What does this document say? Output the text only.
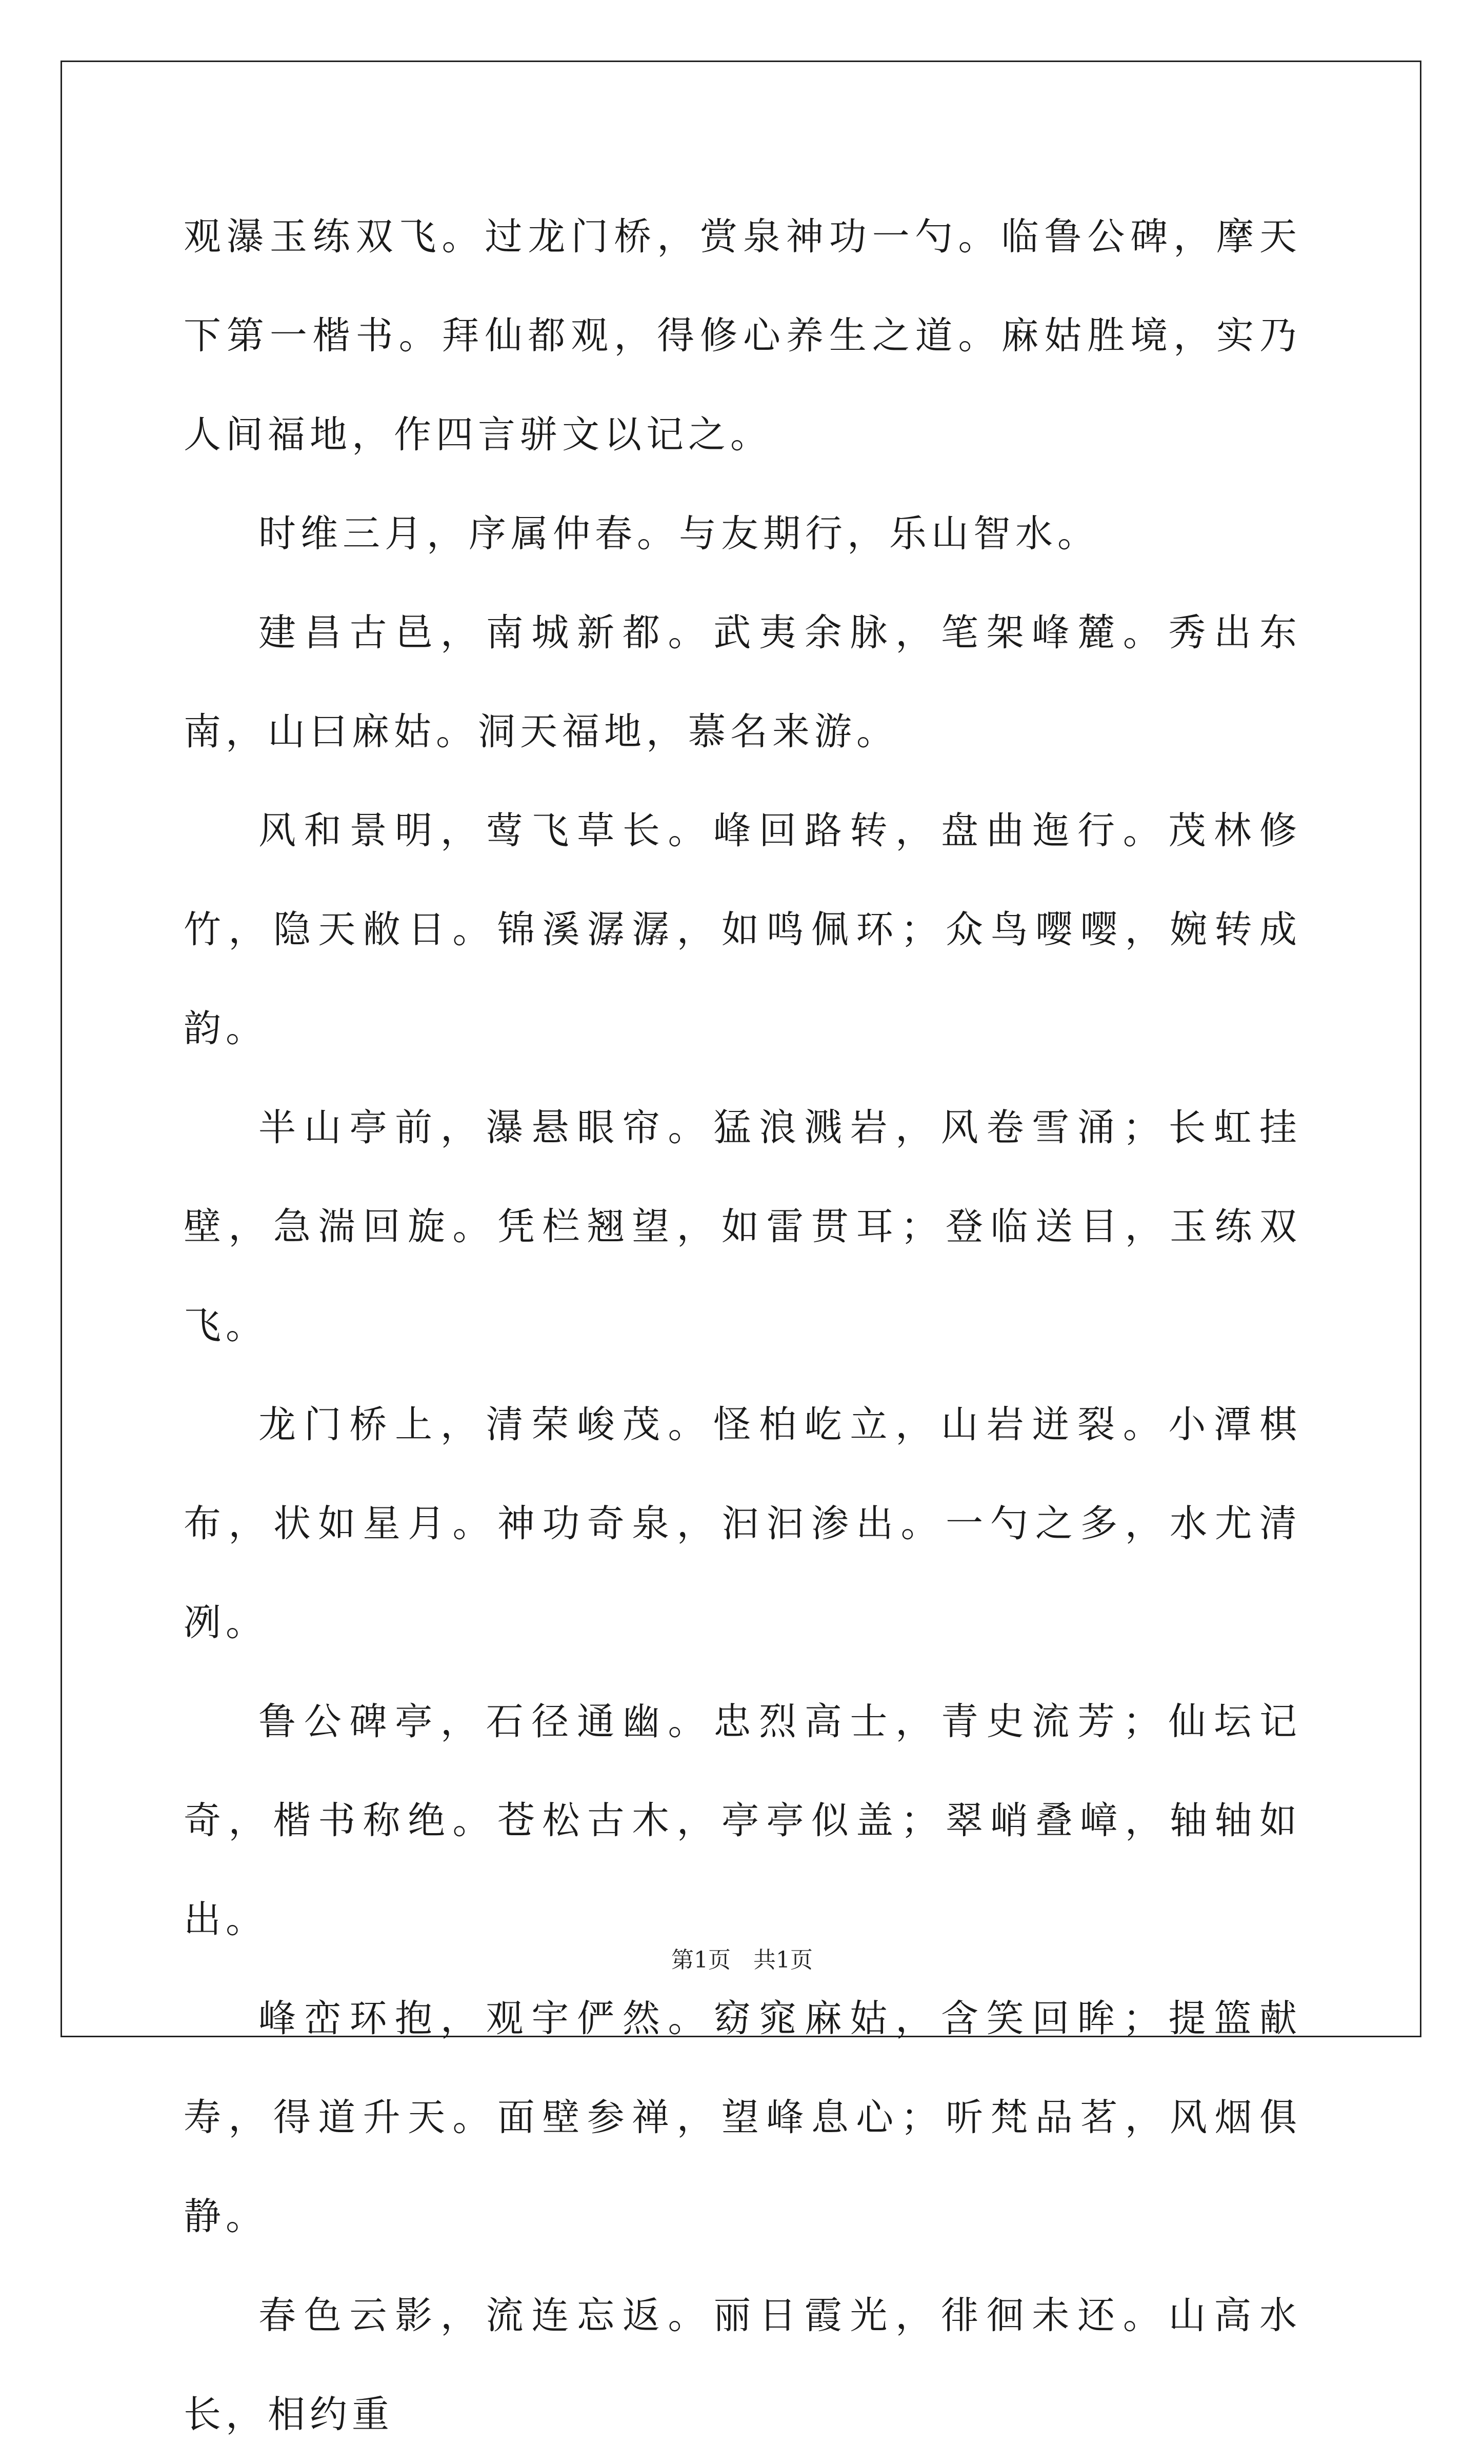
观瀑玉练双飞。过龙门桥，赏泉神功一勺。临鲁公碑，摩天下第一楷书。拜仙都观，得修心养生之道。麻姑胜境，实乃人间福地，作四言骈文以记之。

时维三月，序属仲春。与友期行，乐山智水。

建昌古邑，南城新都。武夷余脉，笔架峰麓。秀出东南，山曰麻姑。洞天福地，慕名来游。

风和景明，莺飞草长。峰回路转，盘曲迤行。茂林修竹，隐天敝日。锦溪潺潺，如鸣佩环；众鸟嘤嘤，婉转成韵。

半山亭前，瀑悬眼帘。猛浪溅岩，风卷雪涌；长虹挂壁，急湍回旋。凭栏翘望，如雷贯耳；登临送目，玉练双飞。

龙门桥上，清荣峻茂。怪柏屹立，山岩迸裂。小潭棋布，状如星月。神功奇泉，汩汩渗出。一勺之多，水尤清冽。

鲁公碑亭，石径通幽。忠烈高士，青史流芳；仙坛记奇，楷书称绝。苍松古木，亭亭似盖；翠峭叠嶂，轴轴如出。

峰峦环抱，观宇俨然。窈窕麻姑，含笑回眸；提篮献寿，得道升天。面壁参禅，望峰息心；听梵品茗，风烟俱静。

春色云影，流连忘返。丽日霞光，徘徊未还。山高水长，相约重

第1页　共1页
